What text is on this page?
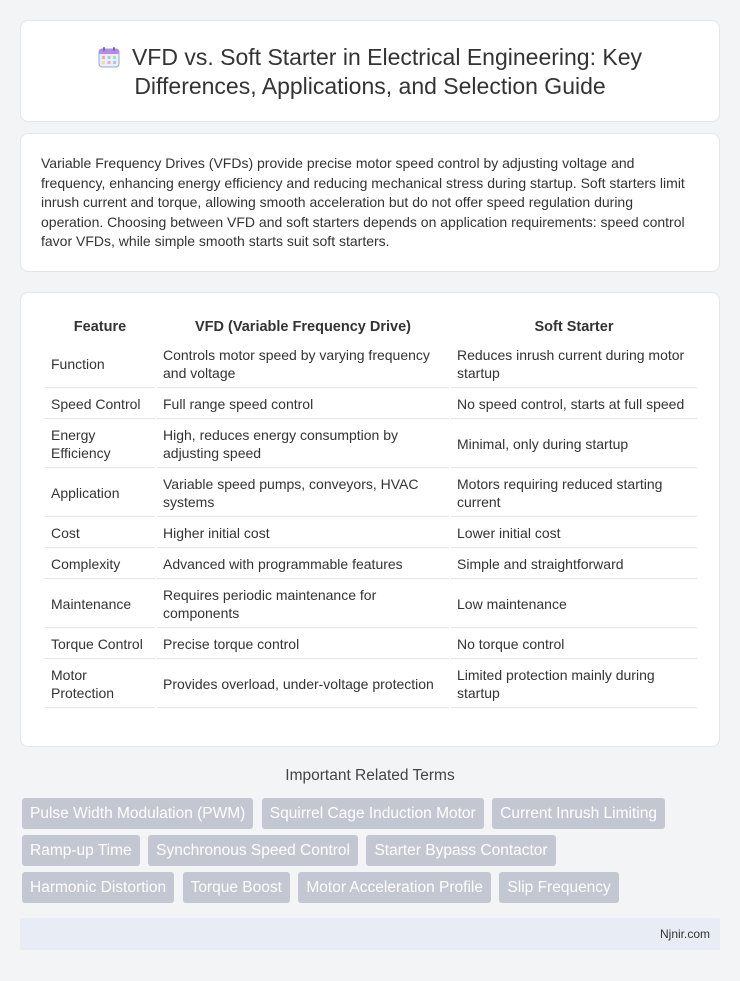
VFD vs. Soft Starter in Electrical Engineering: Key Differences, Applications, and Selection Guide

Variable Frequency Drives (VFDs) provide precise motor speed control by adjusting voltage and frequency, enhancing energy efficiency and reducing mechanical stress during startup. Soft starters limit inrush current and torque, allowing smooth acceleration but do not offer speed regulation during operation. Choosing between VFD and soft starters depends on application requirements: speed control favor VFDs, while simple smooth starts suit soft starters.

Feature	VFD (Variable Frequency Drive)	Soft Starter
Function	Controls motor speed by varying frequency and voltage	Reduces inrush current during motor startup
Speed Control	Full range speed control	No speed control, starts at full speed
Energy Efficiency	High, reduces energy consumption by adjusting speed	Minimal, only during startup
Application	Variable speed pumps, conveyors, HVAC systems	Motors requiring reduced starting current
Cost	Higher initial cost	Lower initial cost
Complexity	Advanced with programmable features	Simple and straightforward
Maintenance	Requires periodic maintenance for components	Low maintenance
Torque Control	Precise torque control	No torque control
Motor Protection	Provides overload, under-voltage protection	Limited protection mainly during startup
Important Related Terms
Pulse Width Modulation (PWM) Squirrel Cage Induction Motor Current Inrush Limiting
Ramp-up Time Synchronous Speed Control Starter Bypass Contactor
Harmonic Distortion Torque Boost Motor Acceleration Profile Slip Frequency
Njnir.com
